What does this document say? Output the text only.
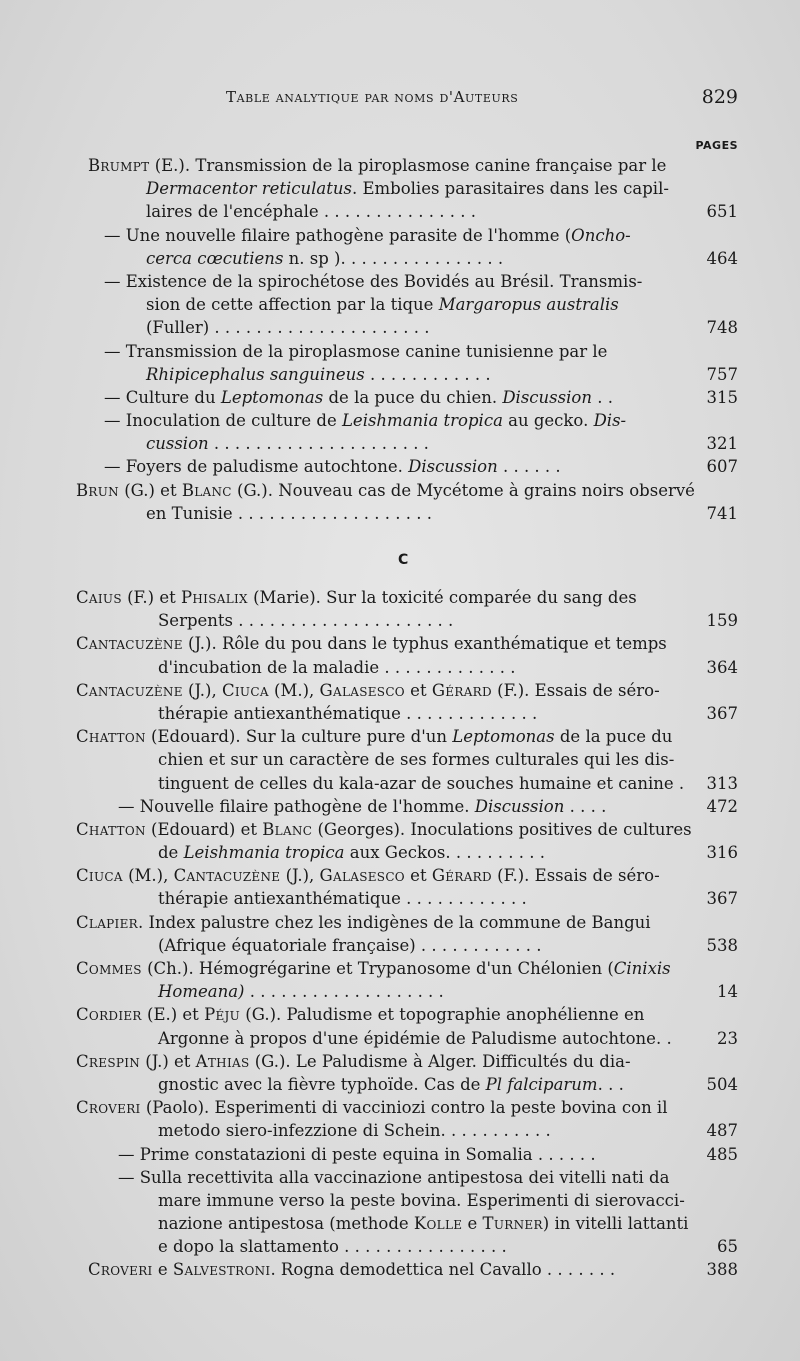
Table analytique par noms d'Auteurs	829
PAGES
Brumpt (E.). Transmission de la piroplasmose canine française par le
Dermacentor reticulatus. Embolies parasitaires dans les capil-
laires de l'encéphale . . . . . . . . . . . . . . .	651
— Une nouvelle filaire pathogène parasite de l'homme (Oncho-
cerca cœcutiens n. sp ). . . . . . . . . . . . . . . .	464
— Existence de la spirochétose des Bovidés au Brésil. Transmis-
sion de cette affection par la tique Margaropus australis
(Fuller) . . . . . . . . . . . . . . . . . . . . .	748
— Transmission de la piroplasmose canine tunisienne par le
Rhipicephalus sanguineus . . . . . . . . . . . .	757
— Culture du Leptomonas de la puce du chien. Discussion . .	315
— Inoculation de culture de Leishmania tropica au gecko. Dis-
cussion . . . . . . . . . . . . . . . . . . . . .	321
— Foyers de paludisme autochtone. Discussion . . . . . .	607
Brun (G.) et Blanc (G.). Nouveau cas de Mycétome à grains noirs observé
en Tunisie . . . . . . . . . . . . . . . . . . .	741
C
Caius (F.) et Phisalix (Marie). Sur la toxicité comparée du sang des
Serpents . . . . . . . . . . . . . . . . . . . . .	159
Cantacuzène (J.). Rôle du pou dans le typhus exanthématique et temps
d'incubation de la maladie . . . . . . . . . . . . .	364
Cantacuzène (J.), Ciuca (M.), Galasesco et Gérard (F.). Essais de séro-
thérapie antiexanthématique . . . . . . . . . . . . .	367
Chatton (Edouard). Sur la culture pure d'un Leptomonas de la puce du
chien et sur un caractère de ses formes culturales qui les dis-
tinguent de celles du kala-azar de souches humaine et canine . 313
— Nouvelle filaire pathogène de l'homme. Discussion . . . .	472
Chatton (Edouard) et Blanc (Georges). Inoculations positives de cultures
de Leishmania tropica aux Geckos. . . . . . . . . .	316
Ciuca (M.), Cantacuzène (J.), Galasesco et Gérard (F.). Essais de séro-
thérapie antiexanthématique . . . . . . . . . . . .	367
Clapier. Index palustre chez les indigènes de la commune de Bangui
(Afrique équatoriale française) . . . . . . . . . . . .	538
Commes (Ch.). Hémogrégarine et Trypanosome d'un Chélonien (Cinixis
Homeana) . . . . . . . . . . . . . . . . . . .	14
Cordier (E.) et Péju (G.). Paludisme et topographie anophélienne en
Argonne à propos d'une épidémie de Paludisme autochtone. .	23
Crespin (J.) et Athias (G.). Le Paludisme à Alger. Difficultés du dia-
gnostic avec la fièvre typhoïde. Cas de Pl falciparum. . .	504
Croveri (Paolo). Esperimenti di vacciniozi contro la peste bovina con il
metodo siero-infezzione di Schein. . . . . . . . . . .	487
— Prime constatazioni di peste equina in Somalia . . . . . .	485
— Sulla recettivita alla vaccinazione antipestosa dei vitelli nati da
mare immune verso la peste bovina. Esperimenti di sierovacci-
nazione antipestosa (methode Kolle e Turner) in vitelli lattanti
e dopo la slattamento . . . . . . . . . . . . . . . .	65
Croveri e Salvestroni. Rogna demodettica nel Cavallo . . . . . . .	388
